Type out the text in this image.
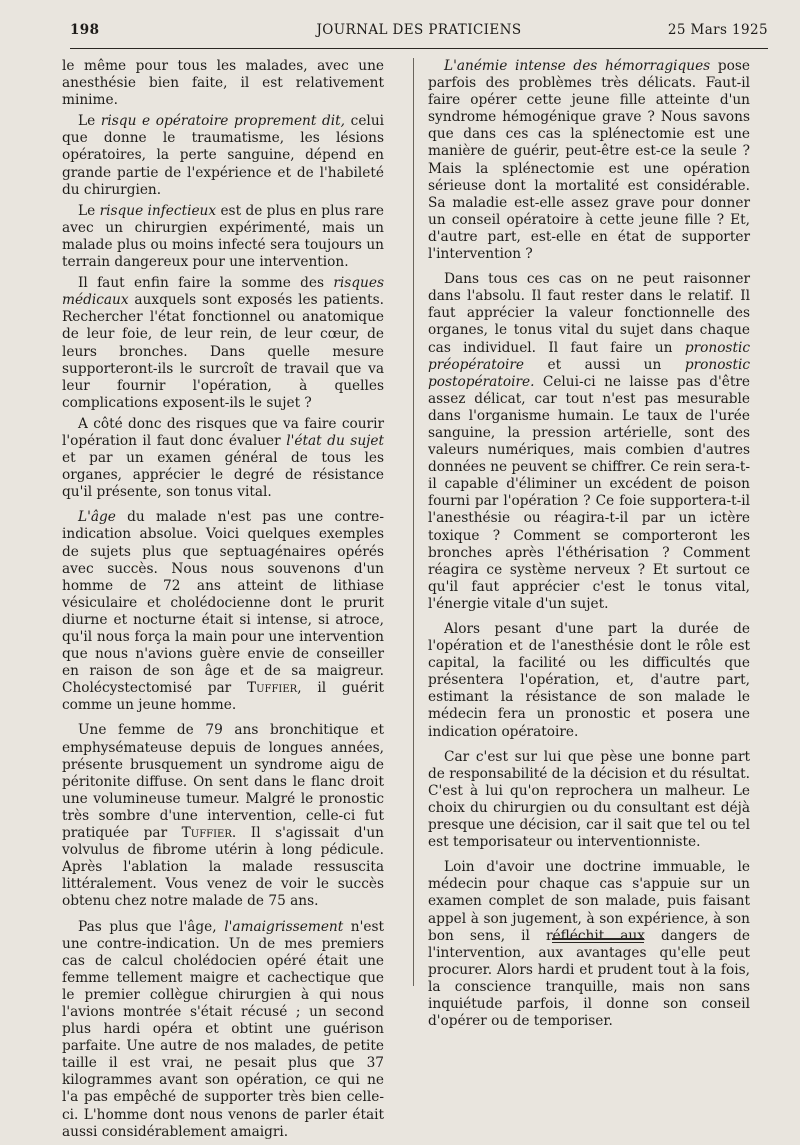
198	JOURNAL DES PRATICIENS	25 Mars 1925

le même pour tous les malades, avec une anesthésie bien faite, il est relativement minime.

Le risqu e opératoire proprement dit, celui que donne le traumatisme, les lésions opératoires, la perte sanguine, dépend en grande partie de l'expérience et de l'habileté du chirurgien.

Le risque infectieux est de plus en plus rare avec un chirurgien expérimenté, mais un malade plus ou moins infecté sera toujours un terrain dangereux pour une intervention.

Il faut enfin faire la somme des risques médicaux auxquels sont exposés les patients. Rechercher l'état fonctionnel ou anatomique de leur foie, de leur rein, de leur cœur, de leurs bronches. Dans quelle mesure supporteront-ils le surcroît de travail que va leur fournir l'opération, à quelles complications exposent-ils le sujet ?

A côté donc des risques que va faire courir l'opération il faut donc évaluer l'état du sujet et par un examen général de tous les organes, apprécier le degré de résistance qu'il présente, son tonus vital.

L'âge du malade n'est pas une contre-indication absolue. Voici quelques exemples de sujets plus que septuagénaires opérés avec succès. Nous nous souvenons d'un homme de 72 ans atteint de lithiase vésiculaire et cholédocienne dont le prurit diurne et nocturne était si intense, si atroce, qu'il nous força la main pour une intervention que nous n'avions guère envie de conseiller en raison de son âge et de sa maigreur. Cholécystectomisé par Tuffier, il guérit comme un jeune homme.

Une femme de 79 ans bronchitique et emphysémateuse depuis de longues années, présente brusquement un syndrome aigu de péritonite diffuse. On sent dans le flanc droit une volumineuse tumeur. Malgré le pronostic très sombre d'une intervention, celle-ci fut pratiquée par Tuffier. Il s'agissait d'un volvulus de fibrome utérin à long pédicule. Après l'ablation la malade ressuscita littéralement. Vous venez de voir le succès obtenu chez notre malade de 75 ans.

Pas plus que l'âge, l'amaigrissement n'est une contre-indication. Un de mes premiers cas de calcul cholédocien opéré était une femme tellement maigre et cachectique que le premier collègue chirurgien à qui nous l'avions montrée s'était récusé ; un second plus hardi opéra et obtint une guérison parfaite. Une autre de nos malades, de petite taille il est vrai, ne pesait plus que 37 kilogrammes avant son opération, ce qui ne l'a pas empêché de supporter très bien celle-ci. L'homme dont nous venons de parler était aussi considérablement amaigri.

L'anémie intense des hémorragiques pose parfois des problèmes très délicats. Faut-il faire opérer cette jeune fille atteinte d'un syndrome hémogénique grave ? Nous savons que dans ces cas la splénectomie est une manière de guérir, peut-être est-ce la seule ? Mais la splénectomie est une opération sérieuse dont la mortalité est considérable. Sa maladie est-elle assez grave pour donner un conseil opératoire à cette jeune fille ? Et, d'autre part, est-elle en état de supporter l'intervention ?

Dans tous ces cas on ne peut raisonner dans l'absolu. Il faut rester dans le relatif. Il faut apprécier la valeur fonctionnelle des organes, le tonus vital du sujet dans chaque cas individuel. Il faut faire un pronostic préopératoire et aussi un pronostic postopératoire. Celui-ci ne laisse pas d'être assez délicat, car tout n'est pas mesurable dans l'organisme humain. Le taux de l'urée sanguine, la pression artérielle, sont des valeurs numériques, mais combien d'autres données ne peuvent se chiffrer. Ce rein sera-t-il capable d'éliminer un excédent de poison fourni par l'opération ? Ce foie supportera-t-il l'anesthésie ou réagira-t-il par un ictère toxique ? Comment se comporteront les bronches après l'éthérisation ? Comment réagira ce système nerveux ? Et surtout ce qu'il faut apprécier c'est le tonus vital, l'énergie vitale d'un sujet.

Alors pesant d'une part la durée de l'opération et de l'anesthésie dont le rôle est capital, la facilité ou les difficultés que présentera l'opération, et, d'autre part, estimant la résistance de son malade le médecin fera un pronostic et posera une indication opératoire.

Car c'est sur lui que pèse une bonne part de responsabilité de la décision et du résultat. C'est à lui qu'on reprochera un malheur. Le choix du chirurgien ou du consultant est déjà presque une décision, car il sait que tel ou tel est temporisateur ou interventionniste.

Loin d'avoir une doctrine immuable, le médecin pour chaque cas s'appuie sur un examen complet de son malade, puis faisant appel à son jugement, à son expérience, à son bon sens, il réfléchit aux dangers de l'intervention, aux avantages qu'elle peut procurer. Alors hardi et prudent tout à la fois, la conscience tranquille, mais non sans inquiétude parfois, il donne son conseil d'opérer ou de temporiser.
